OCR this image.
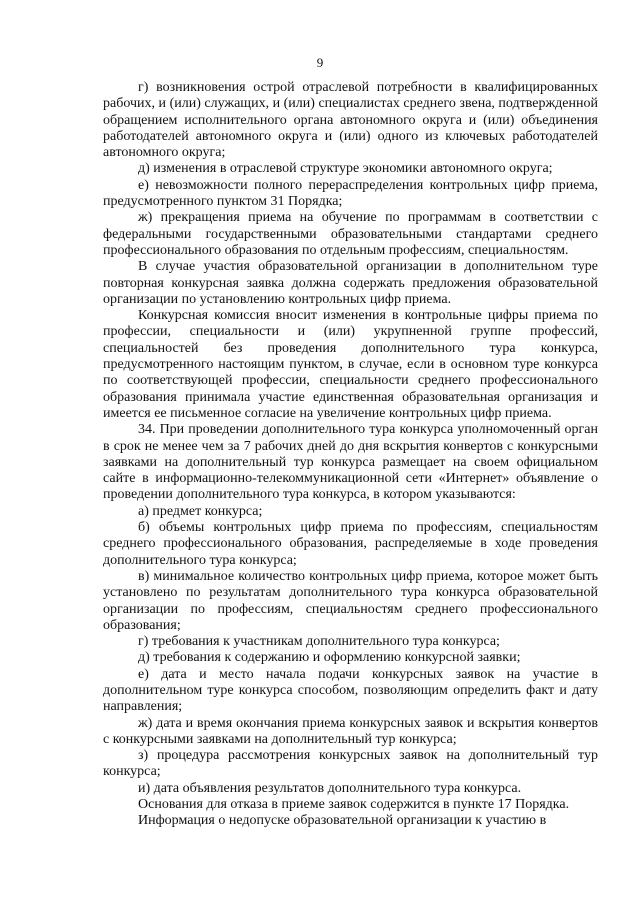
9

г) возникновения острой отраслевой потребности в квалифицированных рабочих, и (или) служащих, и (или) специалистах среднего звена, подтвержденной обращением исполнительного органа автономного округа и (или) объединения работодателей автономного округа и (или) одного из ключевых работодателей автономного округа;

д) изменения в отраслевой структуре экономики автономного округа;

е) невозможности полного перераспределения контрольных цифр приема, предусмотренного пунктом 31 Порядка;

ж) прекращения приема на обучение по программам в соответствии с федеральными государственными образовательными стандартами среднего профессионального образования по отдельным профессиям, специальностям.

В случае участия образовательной организации в дополнительном туре повторная конкурсная заявка должна содержать предложения образовательной организации по установлению контрольных цифр приема.

Конкурсная комиссия вносит изменения в контрольные цифры приема по профессии, специальности и (или) укрупненной группе профессий, специальностей без проведения дополнительного тура конкурса, предусмотренного настоящим пунктом, в случае, если в основном туре конкурса по соответствующей профессии, специальности среднего профессионального образования принимала участие единственная образовательная организация и имеется ее письменное согласие на увеличение контрольных цифр приема.

34. При проведении дополнительного тура конкурса уполномоченный орган в срок не менее чем за 7 рабочих дней до дня вскрытия конвертов с конкурсными заявками на дополнительный тур конкурса размещает на своем официальном сайте в информационно-телекоммуникационной сети «Интернет» объявление о проведении дополнительного тура конкурса, в котором указываются:

а) предмет конкурса;

б) объемы контрольных цифр приема по профессиям, специальностям среднего профессионального образования, распределяемые в ходе проведения дополнительного тура конкурса;

в) минимальное количество контрольных цифр приема, которое может быть установлено по результатам дополнительного тура конкурса образовательной организации по профессиям, специальностям среднего профессионального образования;

г) требования к участникам дополнительного тура конкурса;

д) требования к содержанию и оформлению конкурсной заявки;

е) дата и место начала подачи конкурсных заявок на участие в дополнительном туре конкурса способом, позволяющим определить факт и дату направления;

ж) дата и время окончания приема конкурсных заявок и вскрытия конвертов с конкурсными заявками на дополнительный тур конкурса;

з) процедура рассмотрения конкурсных заявок на дополнительный тур конкурса;

и) дата объявления результатов дополнительного тура конкурса.

Основания для отказа в приеме заявок содержится в пункте 17 Порядка.

Информация о недопуске образовательной организации к участию в
